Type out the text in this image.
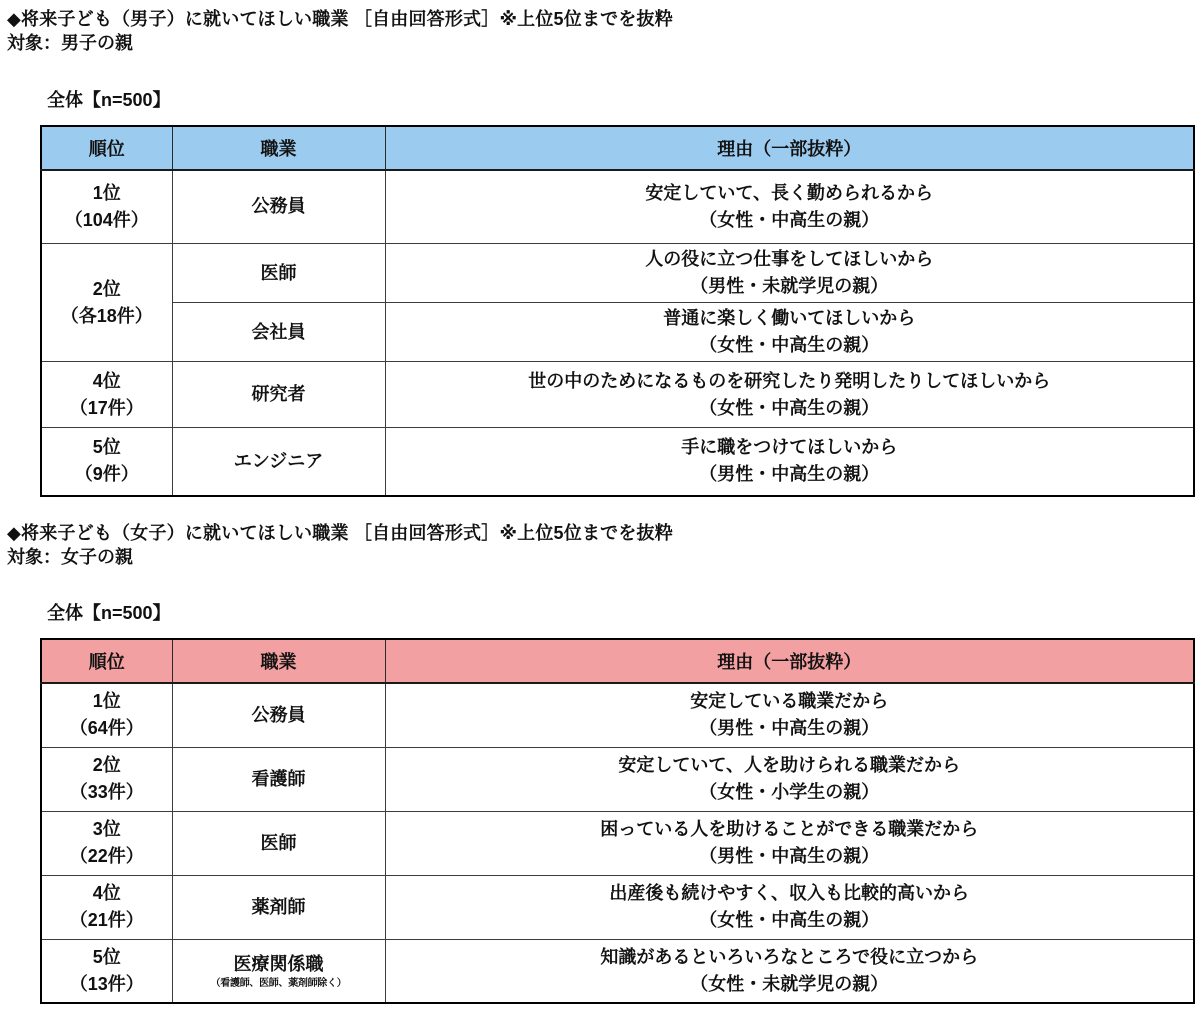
◆将来子ども（男子）に就いてほしい職業 ［自由回答形式］※上位5位までを抜粋
対象：男子の親
全体【n=500】
順位	職業	理由（一部抜粋）

1位
（104件）	公務員	安定していて、長く勤められるから
（女性・中高生の親）

2位
（各18件）	医師	人の役に立つ仕事をしてほしいから
（男性・未就学児の親）

	会社員	普通に楽しく働いてほしいから
（女性・中高生の親）

4位
（17件）	研究者	世の中のためになるものを研究したり発明したりしてほしいから
（女性・中高生の親）

5位
（9件）	エンジニア	手に職をつけてほしいから
（男性・中高生の親）
◆将来子ども（女子）に就いてほしい職業 ［自由回答形式］※上位5位までを抜粋
対象：女子の親
全体【n=500】
順位	職業	理由（一部抜粋）

1位
（64件）	公務員	安定している職業だから
（男性・中高生の親）

2位
（33件）	看護師	安定していて、人を助けられる職業だから
（女性・小学生の親）

3位
（22件）	医師	困っている人を助けることができる職業だから
（男性・中高生の親）

4位
（21件）	薬剤師	出産後も続けやすく、収入も比較的高いから
（女性・中高生の親）

5位
（13件）	医療関係職
（看護師、医師、薬剤師除く）	知識があるといろいろなところで役に立つから
（女性・未就学児の親）
